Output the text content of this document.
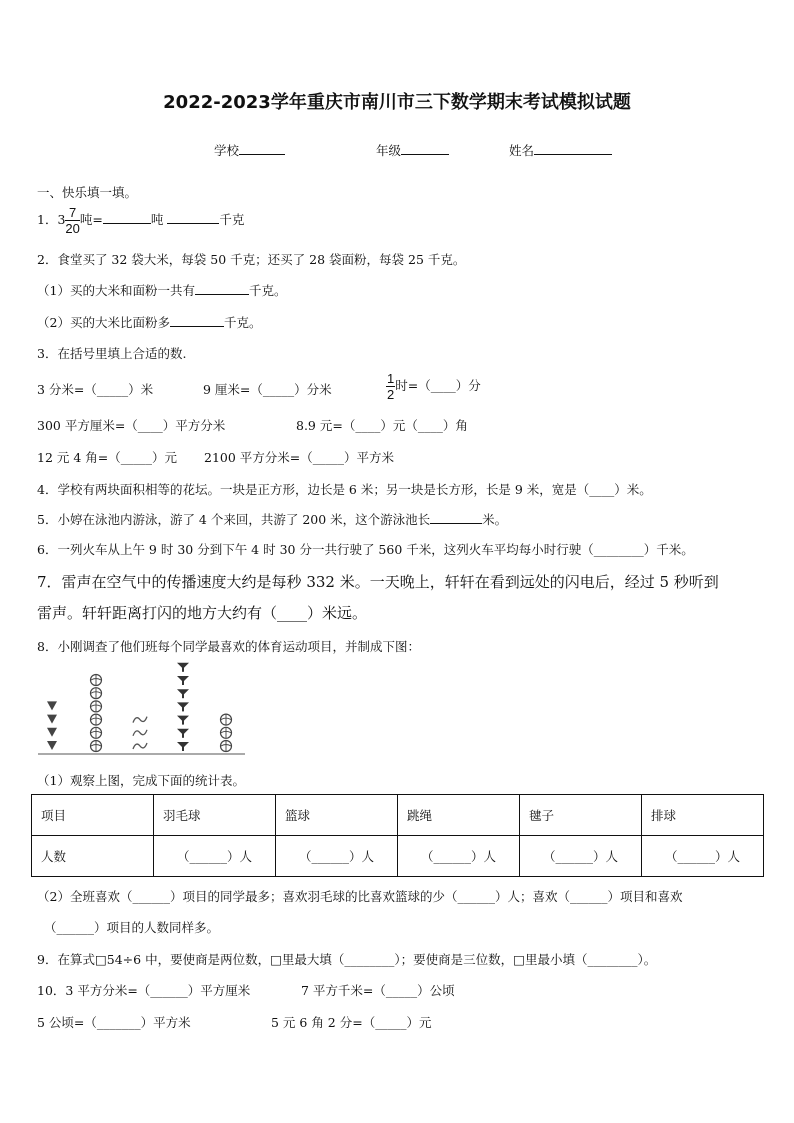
2022-2023学年重庆市南川市三下数学期末考试模拟试题
学校	年级	姓名
一、快乐填一填。
1．$3 \frac{7}{20}$ 吨=	吨	千克
2．食堂买了 32 袋大米，每袋 50 千克；还买了 28 袋面粉，每袋 25 千克。
（1）买的大米和面粉一共有	千克。
（2）买的大米比面粉多	千克。
3．在括号里填上合适的数.
3 分米=（_____）米	9 厘米=（_____）分米	$\frac{1}{2}$ 时=（____）分
300 平方厘米=（____）平方分米	8.9 元=（____）元（____）角
12 元 4 角=（_____）元 2100 平方分米=（_____）平方米
4．学校有两块面积相等的花坛。一块是正方形，边长是 6 米；另一块是长方形，长是 9 米，宽是（____）米。
5．小婷在泳池内游泳，游了 4 个来回，共游了 200 米，这个游泳池长	米。
6．一列火车从上午 9 时 30 分到下午 4 时 30 分一共行驶了 560 千米，这列火车平均每小时行驶（________）千米。
7．雷声在空气中的传播速度大约是每秒 332 米。一天晚上，轩轩在看到远处的闪电后，经过 5 秒听到
雷声。轩轩距离打闪的地方大约有（____）米远。
8．小刚调查了他们班每个同学最喜欢的体育运动项目，并制成下图：
（1）观察上图，完成下面的统计表。
项目	羽毛球	篮球	跳绳	毽子	排球
人数	（______）人	（______）人	（______）人	（______）人	（______）人
（2）全班喜欢（______）项目的同学最多；喜欢羽毛球的比喜欢篮球的少（______）人；喜欢（______）项目和喜欢
（______）项目的人数同样多。
9．在算式□54÷6 中，要使商是两位数，□里最大填（________）；要使商是三位数，□里最小填（________）。
10．3 平方分米=（______）平方厘米	7 平方千米=（_____）公顷
5 公顷=（_______）平方米	5 元 6 角 2 分=（_____）元
